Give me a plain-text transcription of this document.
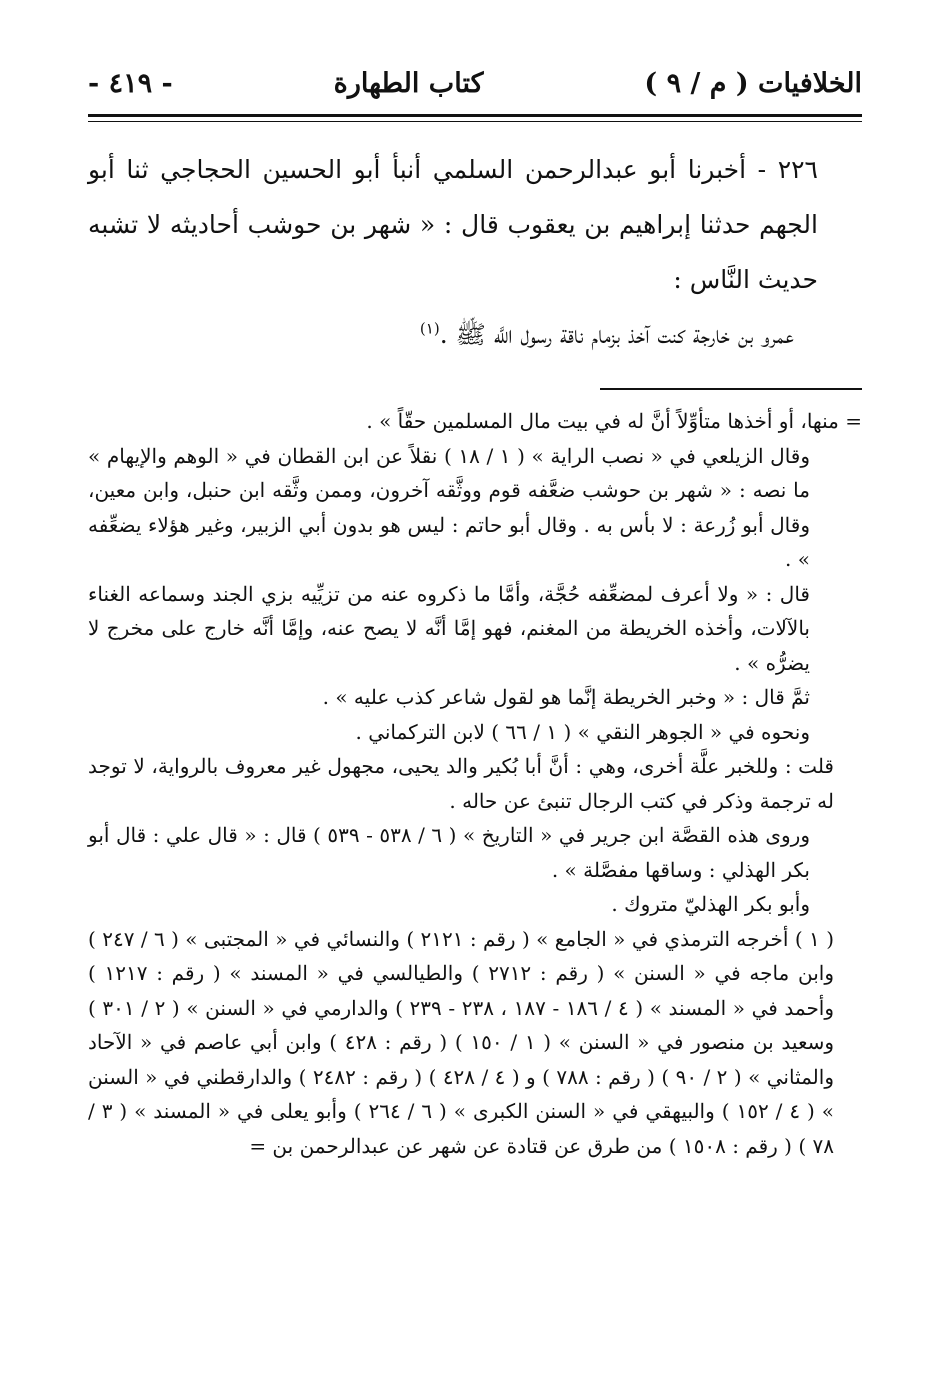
الخلافيات ( م / ٩ )
كتاب الطهارة
- ٤١٩ -

٢٢٦ - أخبرنا أبو عبدالرحمن السلمي أنبأ أبو الحسين الحجاجي ثنا أبو الجهم حدثنا إبراهيم بن يعقوب قال : « شهر بن حوشب أحاديثه لا تشبه حديث النَّاس :

عمرو بن خارجة كنت آخذ بزمام ناقة رسول اللَّه ﷺ .$^{(١)}$

= منها، أو أخذها متأوِّلاً أنَّ له في بيت مال المسلمين حقّاً » .

وقال الزيلعي في « نصب الراية » ( ١ / ١٨ ) نقلاً عن ابن القطان في « الوهم والإيهام » ما نصه : « شهر بن حوشب ضعَّفه قوم ووثَّقه آخرون، وممن وثَّقه ابن حنبل، وابن معين، وقال أبو زُرعة : لا بأس به . وقال أبو حاتم : ليس هو بدون أبي الزبير، وغير هؤلاء يضعِّفه » .

قال : « ولا أعرف لمضعِّفه حُجَّة، وأمَّا ما ذكروه عنه من تزيِّيه بزي الجند وسماعه الغناء بالآلات، وأخذه الخريطة من المغنم، فهو إمَّا أنَّه لا يصح عنه، وإمَّا أنَّه خارج على مخرج لا يضرُّه » .

ثمَّ قال : « وخبر الخريطة إنَّما هو لقول شاعر كذب عليه » .

ونحوه في « الجوهر النقي » ( ١ / ٦٦ ) لابن التركماني .

قلت : وللخبر علَّة أخرى، وهي : أنَّ أبا بُكير والد يحيى، مجهول غير معروف بالرواية، لا توجد له ترجمة وذكر في كتب الرجال تنبئ عن حاله .

وروى هذه القصَّة ابن جرير في « التاريخ » ( ٦ / ٥٣٨ - ٥٣٩ ) قال : « قال علي : قال أبو بكر الهذلي : وساقها مفصَّلة » .

وأبو بكر الهذليّ متروك .

( ١ ) أخرجه الترمذي في « الجامع » ( رقم : ٢١٢١ ) والنسائي في « المجتبى » ( ٦ / ٢٤٧ ) وابن ماجه في « السنن » ( رقم : ٢٧١٢ ) والطيالسي في « المسند » ( رقم : ١٢١٧ ) وأحمد في « المسند » ( ٤ / ١٨٦ - ١٨٧ ، ٢٣٨ - ٢٣٩ ) والدارمي في « السنن » ( ٢ / ٣٠١ ) وسعيد بن منصور في « السنن » ( ١ / ١٥٠ ) ( رقم : ٤٢٨ ) وابن أبي عاصم في « الآحاد والمثاني » ( ٢ / ٩٠ ) ( رقم : ٧٨٨ ) و ( ٤ / ٤٢٨ ) ( رقم : ٢٤٨٢ ) والدارقطني في « السنن » ( ٤ / ١٥٢ ) والبيهقي في « السنن الكبرى » ( ٦ / ٢٦٤ ) وأبو يعلى في « المسند » ( ٣ / ٧٨ ) ( رقم : ١٥٠٨ ) من طرق عن قتادة عن شهر عن عبدالرحمن بن =
